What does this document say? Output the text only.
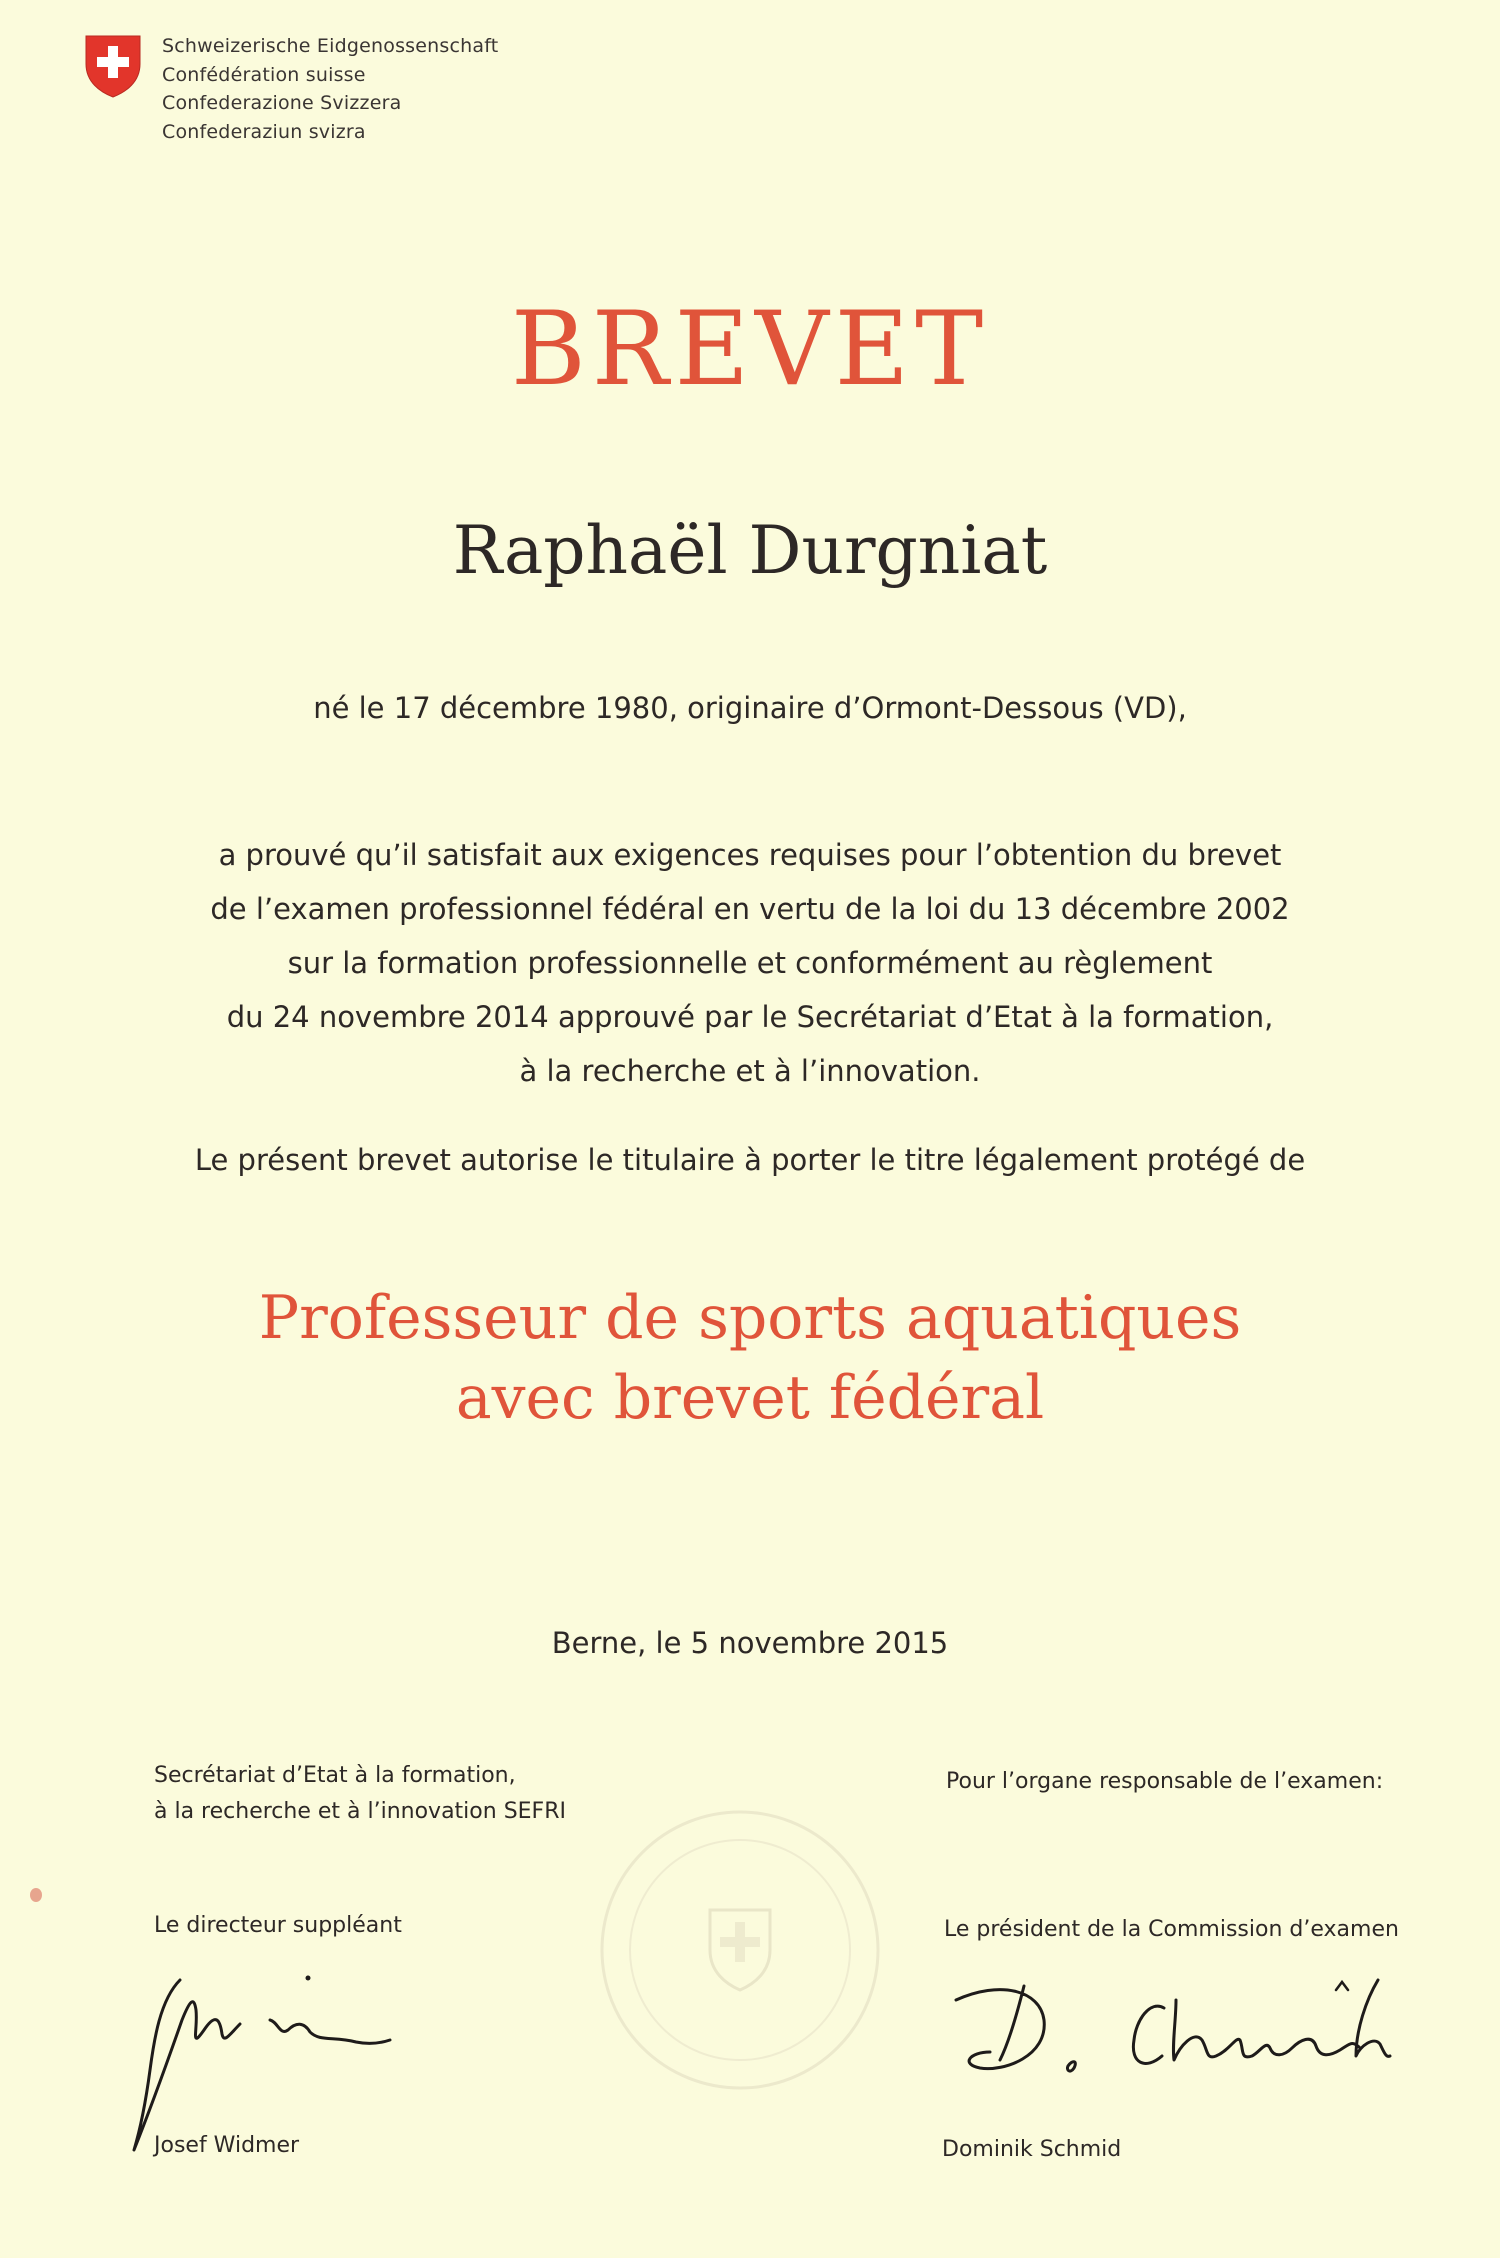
Schweizerische Eidgenossenschaft
Confédération suisse
Confederazione Svizzera
Confederaziun svizra
BREVET
Raphaël Durgniat
né le 17 décembre 1980, originaire d’Ormont-Dessous (VD),
a prouvé qu’il satisfait aux exigences requises pour l’obtention du brevet
de l’examen professionnel fédéral en vertu de la loi du 13 décembre 2002
sur la formation professionnelle et conformément au règlement
du 24 novembre 2014 approuvé par le Secrétariat d’Etat à la formation,
à la recherche et à l’innovation.
Le présent brevet autorise le titulaire à porter le titre légalement protégé de
Professeur de sports aquatiques
avec brevet fédéral
Berne, le 5 novembre 2015
Secrétariat d’Etat à la formation,
à la recherche et à l’innovation SEFRI
Pour l’organe responsable de l’examen:
Le directeur suppléant	Le président de la Commission d’examen
Josef Widmer	Dominik Schmid
